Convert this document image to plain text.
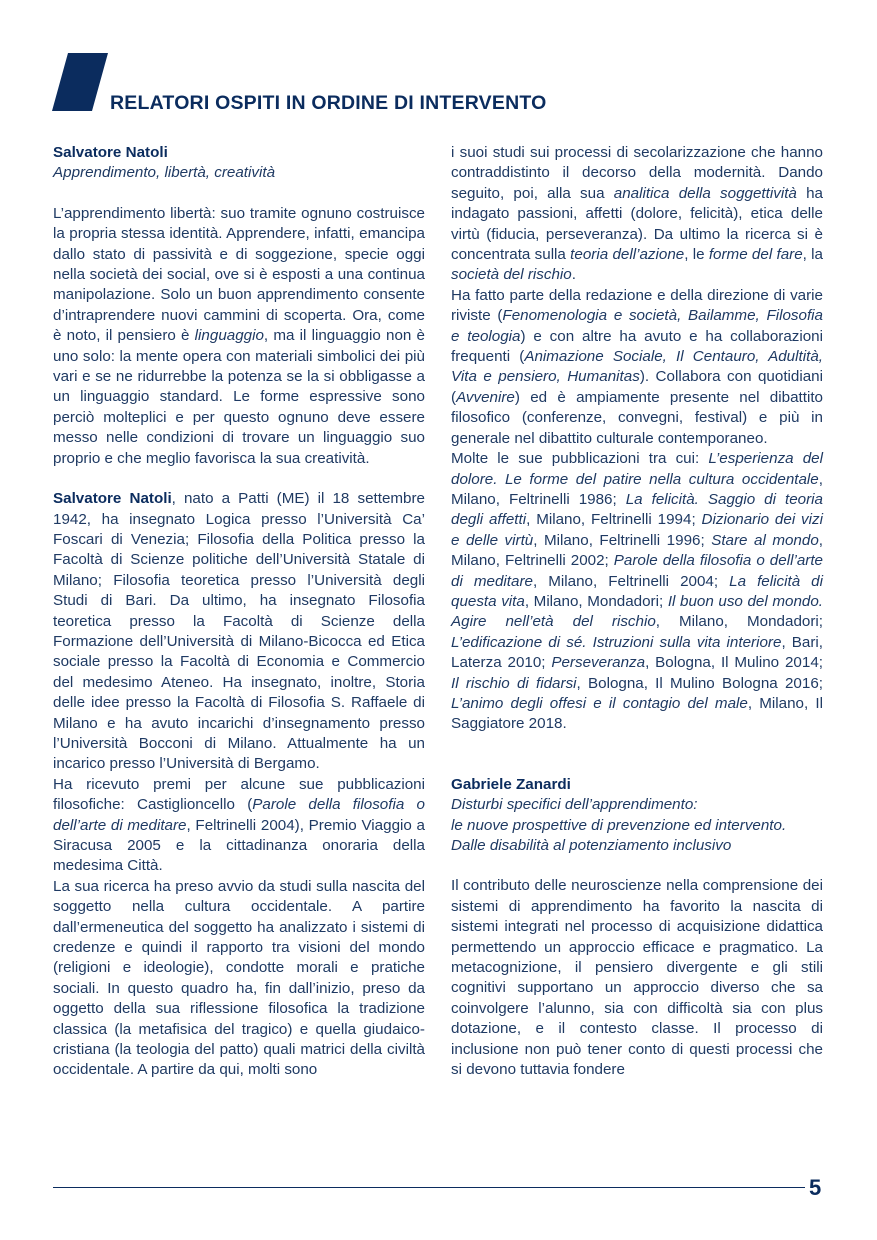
RELATORI OSPITI IN ORDINE DI INTERVENTO

Salvatore Natoli

Apprendimento, libertà, creatività

L’apprendimento libertà: suo tramite ognuno costruisce la propria stessa identità. Apprendere, infatti, emancipa dallo stato di passività e di soggezione, specie oggi nella società dei social, ove si è esposti a una continua manipolazione. Solo un buon apprendimento consente d’intraprendere nuovi cammini di scoperta. Ora, come è noto, il pensiero è linguaggio, ma il linguaggio non è uno solo: la mente opera con materiali simbolici dei più vari e se ne ridurrebbe la potenza se la si obbligasse a un linguaggio standard. Le forme espressive sono perciò molteplici e per questo ognuno deve essere messo nelle condizioni di trovare un linguaggio suo proprio e che meglio favorisca la sua creatività.

Salvatore Natoli, nato a Patti (ME) il 18 settembre 1942, ha insegnato Logica presso l’Università Ca’ Foscari di Venezia; Filosofia della Politica presso la Facoltà di Scienze politiche dell’Università Statale di Milano; Filosofia teoretica presso l’Università degli Studi di Bari. Da ultimo, ha insegnato Filosofia teoretica presso la Facoltà di Scienze della Formazione dell’Università di Milano-Bicocca ed Etica sociale presso la Facoltà di Economia e Commercio del medesimo Ateneo. Ha insegnato, inoltre, Storia delle idee presso la Facoltà di Filosofia S. Raffaele di Milano e ha avuto incarichi d’insegnamento presso l’Università Bocconi di Milano. Attualmente ha un incarico presso l’Università di Bergamo.

Ha ricevuto premi per alcune sue pubblicazioni filosofiche: Castiglioncello (Parole della filosofia o dell’arte di meditare, Feltrinelli 2004), Premio Viaggio a Siracusa 2005 e la cittadinanza onoraria della medesima Città.

La sua ricerca ha preso avvio da studi sulla nascita del soggetto nella cultura occidentale. A partire dall’ermeneutica del soggetto ha analizzato i sistemi di credenze e quindi il rapporto tra visioni del mondo (religioni e ideologie), condotte morali e pratiche sociali. In questo quadro ha, fin dall’inizio, preso da oggetto della sua riflessione filosofica la tradizione classica (la metafisica del tragico) e quella giudaico-cristiana (la teologia del patto) quali matrici della civiltà occidentale. A partire da qui, molti sono

i suoi studi sui processi di secolarizzazione che hanno contraddistinto il decorso della modernità. Dando seguito, poi, alla sua analitica della soggettività ha indagato passioni, affetti (dolore, felicità), etica delle virtù (fiducia, perseveranza). Da ultimo la ricerca si è concentrata sulla teoria dell’azione, le forme del fare, la società del rischio.

Ha fatto parte della redazione e della direzione di varie riviste (Fenomenologia e società, Bailamme, Filosofia e teologia) e con altre ha avuto e ha collaborazioni frequenti (Animazione Sociale, Il Centauro, Adultità, Vita e pensiero, Humanitas). Collabora con quotidiani (Avvenire) ed è ampiamente presente nel dibattito filosofico (conferenze, convegni, festival) e più in generale nel dibattito culturale contemporaneo.

Molte le sue pubblicazioni tra cui: L’esperienza del dolore. Le forme del patire nella cultura occidentale, Milano, Feltrinelli 1986; La felicità. Saggio di teoria degli affetti, Milano, Feltrinelli 1994; Dizionario dei vizi e delle virtù, Milano, Feltrinelli 1996; Stare al mondo, Milano, Feltrinelli 2002; Parole della filosofia o dell’arte di meditare, Milano, Feltrinelli 2004; La felicità di questa vita, Milano, Mondadori; Il buon uso del mondo. Agire nell’età del rischio, Milano, Mondadori; L’edificazione di sé. Istruzioni sulla vita interiore, Bari, Laterza 2010; Perseveranza, Bologna, Il Mulino 2014; Il rischio di fidarsi, Bologna, Il Mulino Bologna 2016; L’animo degli offesi e il contagio del male, Milano, Il Saggiatore 2018.

Gabriele Zanardi

Disturbi specifici dell’apprendimento:
le nuove prospettive di prevenzione ed intervento.
Dalle disabilità al potenziamento inclusivo

Il contributo delle neuroscienze nella comprensione dei sistemi di apprendimento ha favorito la nascita di sistemi integrati nel processo di acquisizione didattica permettendo un approccio efficace e pragmatico. La metacognizione, il pensiero divergente e gli stili cognitivi supportano un approccio diverso che sa coinvolgere l’alunno, sia con difficoltà sia con plus dotazione, e il contesto classe. Il processo di inclusione non può tener conto di questi processi che si devono tuttavia fondere

5
